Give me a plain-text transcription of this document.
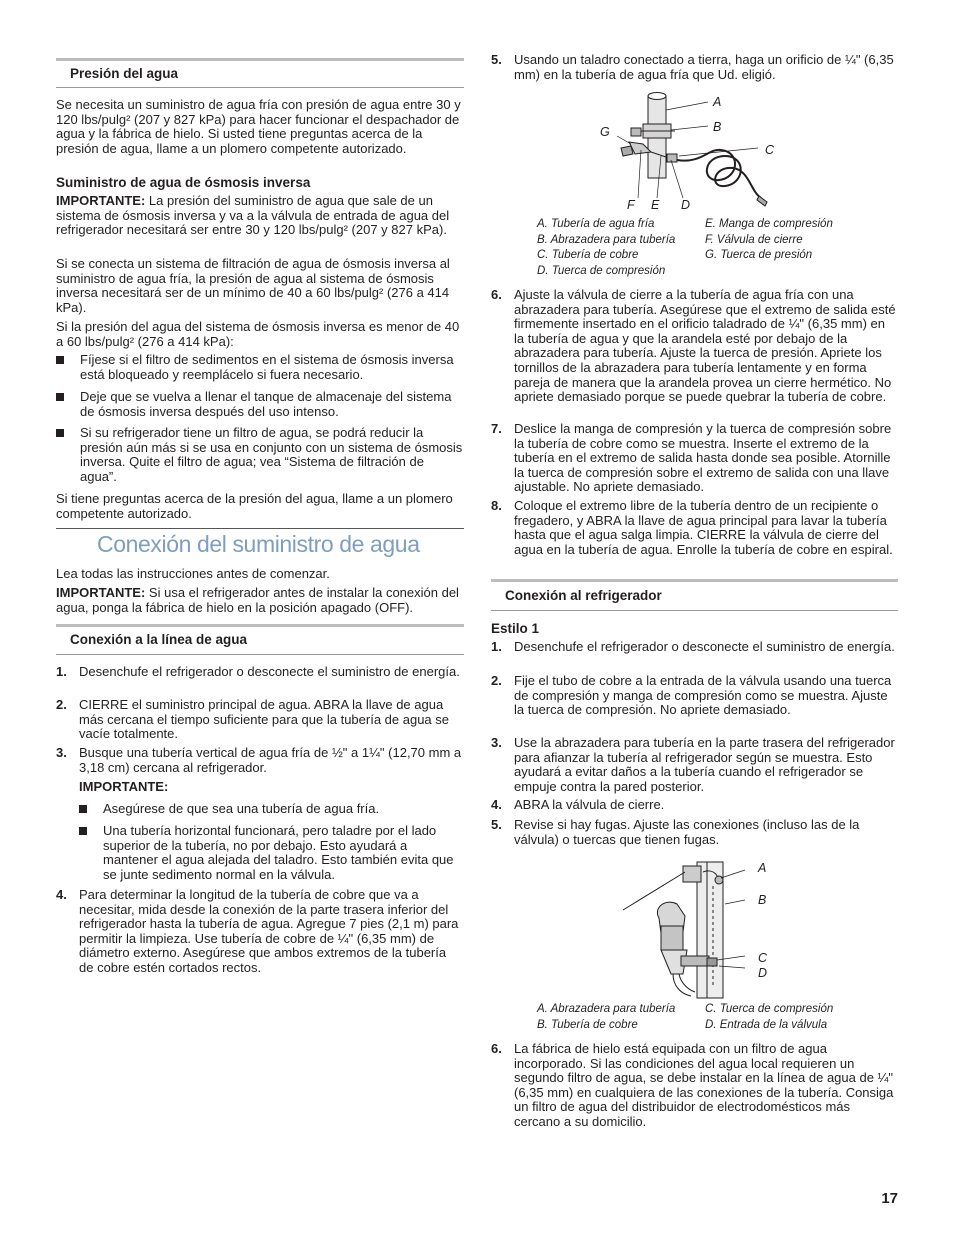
Presión del agua
Se necesita un suministro de agua fría con presión de agua entre 30 y 120 lbs/pulg² (207 y 827 kPa) para hacer funcionar el despachador de agua y la fábrica de hielo. Si usted tiene preguntas acerca de la presión de agua, llame a un plomero competente autorizado.
Suministro de agua de ósmosis inversa
IMPORTANTE: La presión del suministro de agua que sale de un sistema de ósmosis inversa y va a la válvula de entrada de agua del refrigerador necesitará ser entre 30 y 120 lbs/pulg² (207 y 827 kPa).
Si se conecta un sistema de filtración de agua de ósmosis inversa al suministro de agua fría, la presión de agua al sistema de ósmosis inversa necesitará ser de un mínimo de 40 a 60 lbs/pulg² (276 a 414 kPa).
Si la presión del agua del sistema de ósmosis inversa es menor de 40 a 60 lbs/pulg² (276 a 414 kPa):
Fíjese si el filtro de sedimentos en el sistema de ósmosis inversa está bloqueado y reemplácelo si fuera necesario.
Deje que se vuelva a llenar el tanque de almacenaje del sistema de ósmosis inversa después del uso intenso.
Si su refrigerador tiene un filtro de agua, se podrá reducir la presión aún más si se usa en conjunto con un sistema de ósmosis inversa. Quite el filtro de agua; vea “Sistema de filtración de agua”.
Si tiene preguntas acerca de la presión del agua, llame a un plomero competente autorizado.
Conexión del suministro de agua
Lea todas las instrucciones antes de comenzar.
IMPORTANTE: Si usa el refrigerador antes de instalar la conexión del agua, ponga la fábrica de hielo en la posición apagado (OFF).
Conexión a la línea de agua
1. Desenchufe el refrigerador o desconecte el suministro de energía.
2. CIERRE el suministro principal de agua. ABRA la llave de agua más cercana el tiempo suficiente para que la tubería de agua se vacíe totalmente.
3. Busque una tubería vertical de agua fría de ½" a 1¼" (12,70 mm a 3,18 cm) cercana al refrigerador.
IMPORTANTE:
Asegúrese de que sea una tubería de agua fría.
Una tubería horizontal funcionará, pero taladre por el lado superior de la tubería, no por debajo. Esto ayudará a mantener el agua alejada del taladro. Esto también evita que se junte sedimento normal en la válvula.
4. Para determinar la longitud de la tubería de cobre que va a necesitar, mida desde la conexión de la parte trasera inferior del refrigerador hasta la tubería de agua. Agregue 7 pies (2,1 m) para permitir la limpieza. Use tubería de cobre de ¼" (6,35 mm) de diámetro externo. Asegúrese que ambos extremos de la tubería de cobre estén cortados rectos.
5. Usando un taladro conectado a tierra, haga un orificio de ¼" (6,35 mm) en la tubería de agua fría que Ud. eligió.
A
B
C
D
E
F
G
A. Tubería de agua fría
B. Abrazadera para tubería
C. Tubería de cobre
D. Tuerca de compresión
E. Manga de compresión
F. Válvula de cierre
G. Tuerca de presión
6. Ajuste la válvula de cierre a la tubería de agua fría con una abrazadera para tubería. Asegúrese que el extremo de salida esté firmemente insertado en el orificio taladrado de ¼" (6,35 mm) en la tubería de agua y que la arandela esté por debajo de la abrazadera para tubería. Ajuste la tuerca de presión. Apriete los tornillos de la abrazadera para tubería lentamente y en forma pareja de manera que la arandela provea un cierre hermético. No apriete demasiado porque se puede quebrar la tubería de cobre.
7. Deslice la manga de compresión y la tuerca de compresión sobre la tubería de cobre como se muestra. Inserte el extremo de la tubería en el extremo de salida hasta donde sea posible. Atornille la tuerca de compresión sobre el extremo de salida con una llave ajustable. No apriete demasiado.
8. Coloque el extremo libre de la tubería dentro de un recipiente o fregadero, y ABRA la llave de agua principal para lavar la tubería hasta que el agua salga limpia. CIERRE la válvula de cierre del agua en la tubería de agua. Enrolle la tubería de cobre en espiral.
Conexión al refrigerador
Estilo 1
1. Desenchufe el refrigerador o desconecte el suministro de energía.
2. Fije el tubo de cobre a la entrada de la válvula usando una tuerca de compresión y manga de compresión como se muestra. Ajuste la tuerca de compresión. No apriete demasiado.
3. Use la abrazadera para tubería en la parte trasera del refrigerador para afianzar la tubería al refrigerador según se muestra. Esto ayudará a evitar daños a la tubería cuando el refrigerador se empuje contra la pared posterior.
4. ABRA la válvula de cierre.
5. Revise si hay fugas. Ajuste las conexiones (incluso las de la válvula) o tuercas que tienen fugas.
A
B
C
D
A. Abrazadera para tubería
B. Tubería de cobre
C. Tuerca de compresión
D. Entrada de la válvula
6. La fábrica de hielo está equipada con un filtro de agua incorporado. Si las condiciones del agua local requieren un segundo filtro de agua, se debe instalar en la línea de agua de ¼" (6,35 mm) en cualquiera de las conexiones de la tubería. Consiga un filtro de agua del distribuidor de electrodomésticos más cercano a su domicilio.
17
